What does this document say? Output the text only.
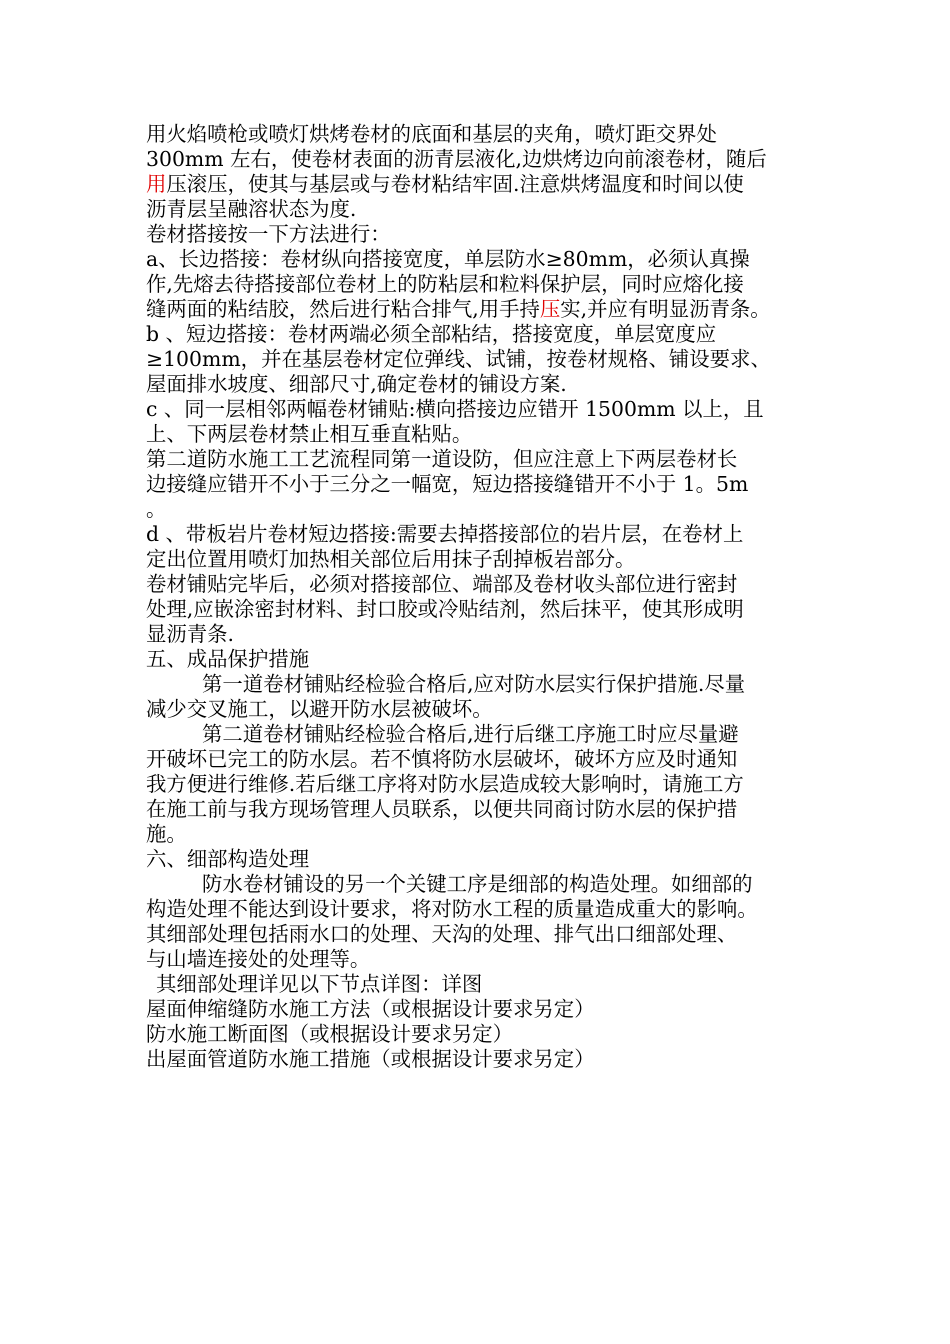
用火焰喷枪或喷灯烘烤卷材的底面和基层的夹角，喷灯距交界处
300mm 左右，使卷材表面的沥青层液化,边烘烤边向前滚卷材，随后
用压滚压，使其与基层或与卷材粘结牢固.注意烘烤温度和时间以使
沥青层呈融溶状态为度.
卷材搭接按一下方法进行：
a、长边搭接：卷材纵向搭接宽度，单层防水≥80mm，必须认真操
作,先熔去待搭接部位卷材上的防粘层和粒料保护层，同时应熔化接
缝两面的粘结胶，然后进行粘合排气,用手持压实,并应有明显沥青条。
b 、短边搭接：卷材两端必须全部粘结，搭接宽度，单层宽度应
≥100mm，并在基层卷材定位弹线、试铺，按卷材规格、铺设要求、
屋面排水坡度、细部尺寸,确定卷材的铺设方案.
c 、同一层相邻两幅卷材铺贴:横向搭接边应错开 1500mm 以上，且
上、下两层卷材禁止相互垂直粘贴。
第二道防水施工工艺流程同第一道设防，但应注意上下两层卷材长
边接缝应错开不小于三分之一幅宽，短边搭接缝错开不小于 1。5m
。
d 、带板岩片卷材短边搭接:需要去掉搭接部位的岩片层，在卷材上
定出位置用喷灯加热相关部位后用抹子刮掉板岩部分。
卷材铺贴完毕后，必须对搭接部位、端部及卷材收头部位进行密封
处理,应嵌涂密封材料、封口胶或冷贴结剂，然后抹平，使其形成明
显沥青条.
五、成品保护措施
第一道卷材铺贴经检验合格后,应对防水层实行保护措施.尽量
减少交叉施工，以避开防水层被破坏。
第二道卷材铺贴经检验合格后,进行后继工序施工时应尽量避
开破坏已完工的防水层。若不慎将防水层破坏，破坏方应及时通知
我方便进行维修.若后继工序将对防水层造成较大影响时，请施工方
在施工前与我方现场管理人员联系，以便共同商讨防水层的保护措
施。
六、细部构造处理
防水卷材铺设的另一个关键工序是细部的构造处理。如细部的
构造处理不能达到设计要求，将对防水工程的质量造成重大的影响。
其细部处理包括雨水口的处理、天沟的处理、排气出口细部处理、
与山墙连接处的处理等。
其细部处理详见以下节点详图：详图
屋面伸缩缝防水施工方法（或根据设计要求另定）
防水施工断面图（或根据设计要求另定）
出屋面管道防水施工措施（或根据设计要求另定）
